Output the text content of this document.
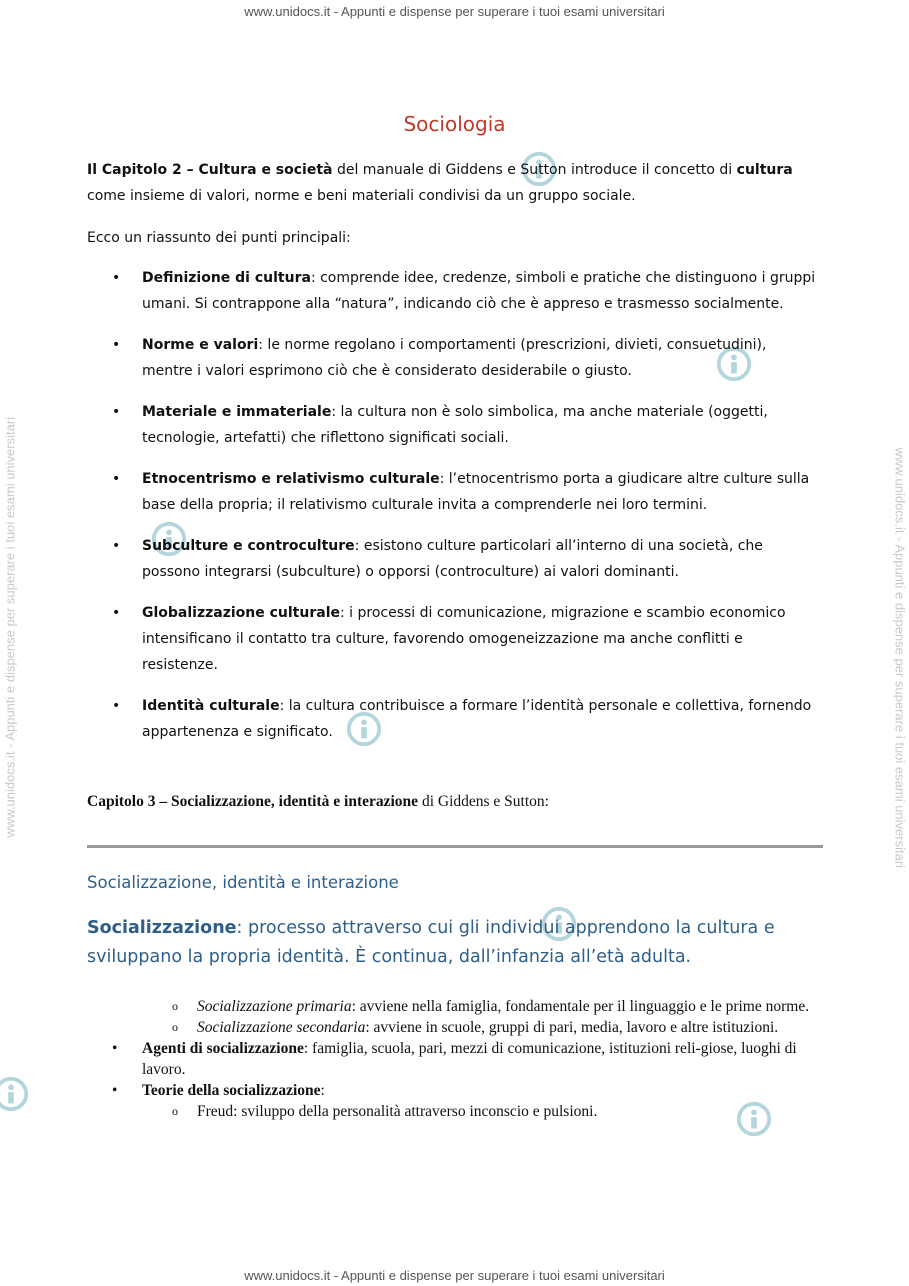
www.unidocs.it - Appunti e dispense per superare i tuoi esami universitari
www.unidocs.it - Appunti e dispense per superare i tuoi esami universitari
www.unidocs.it - Appunti e dispense per superare i tuoi esami universitari	www.unidocs.it - Appunti e dispense per superare i tuoi esami universitari
Sociologia
Il Capitolo 2 – Cultura e società del manuale di Giddens e Sutton introduce il concetto di cultura come insieme di valori, norme e beni materiali condivisi da un gruppo sociale.
Ecco un riassunto dei punti principali:
• Definizione di cultura: comprende idee, credenze, simboli e pratiche che distinguono i gruppi umani. Si contrappone alla “natura”, indicando ciò che è appreso e trasmesso socialmente.
• Norme e valori: le norme regolano i comportamenti (prescrizioni, divieti, consuetudini), mentre i valori esprimono ciò che è considerato desiderabile o giusto.
• Materiale e immateriale: la cultura non è solo simbolica, ma anche materiale (oggetti, tecnologie, artefatti) che riflettono significati sociali.
• Etnocentrismo e relativismo culturale: l’etnocentrismo porta a giudicare altre culture sulla base della propria; il relativismo culturale invita a comprenderle nei loro termini.
• Subculture e controculture: esistono culture particolari all’interno di una società, che possono integrarsi (subculture) o opporsi (controculture) ai valori dominanti.
• Globalizzazione culturale: i processi di comunicazione, migrazione e scambio economico intensificano il contatto tra culture, favorendo omogeneizzazione ma anche conflitti e resistenze.
• Identità culturale: la cultura contribuisce a formare l’identità personale e collettiva, fornendo appartenenza e significato.
Capitolo 3 – Socializzazione, identità e interazione di Giddens e Sutton:
Socializzazione, identità e interazione
Socializzazione: processo attraverso cui gli individui apprendono la cultura e sviluppano la propria identità. È continua, dall’infanzia all’età adulta.
o Socializzazione primaria: avviene nella famiglia, fondamentale per il linguaggio e le prime norme.
o Socializzazione secondaria: avviene in scuole, gruppi di pari, media, lavoro e altre istituzioni.
• Agenti di socializzazione: famiglia, scuola, pari, mezzi di comunicazione, istituzioni reli-giose, luoghi di lavoro.
• Teorie della socializzazione:
o Freud: sviluppo della personalità attraverso inconscio e pulsioni.
